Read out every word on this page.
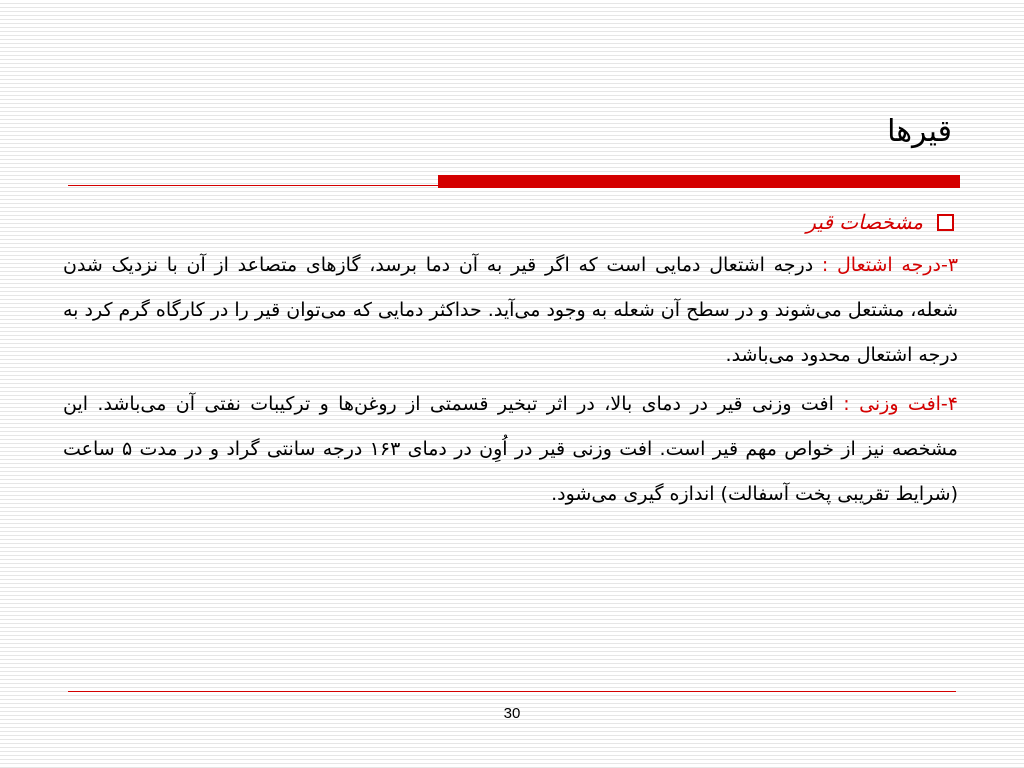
قیرها
مشخصات قیر

۳-درجه اشتعال : درجه اشتعال دمایی است که اگر قیر به آن دما برسد، گازهای متصاعد از آن با نزدیک شدن شعله، مشتعل می‌شوند و در سطح آن شعله به وجود می‌آید. حداکثر دمایی که می‌توان قیر را در کارگاه گرم کرد به درجه اشتعال محدود می‌باشد.

۴-افت وزنی : افت وزنی قیر در دمای بالا، در اثر تبخیر قسمتی از روغن‌ها و ترکیبات نفتی آن می‌باشد. این مشخصه نیز از خواص مهم قیر است. افت وزنی قیر در اُوِن در دمای ۱۶۳ درجه سانتی گراد و در مدت ۵ ساعت (شرایط تقریبی پخت آسفالت) اندازه گیری می‌شود.

30
